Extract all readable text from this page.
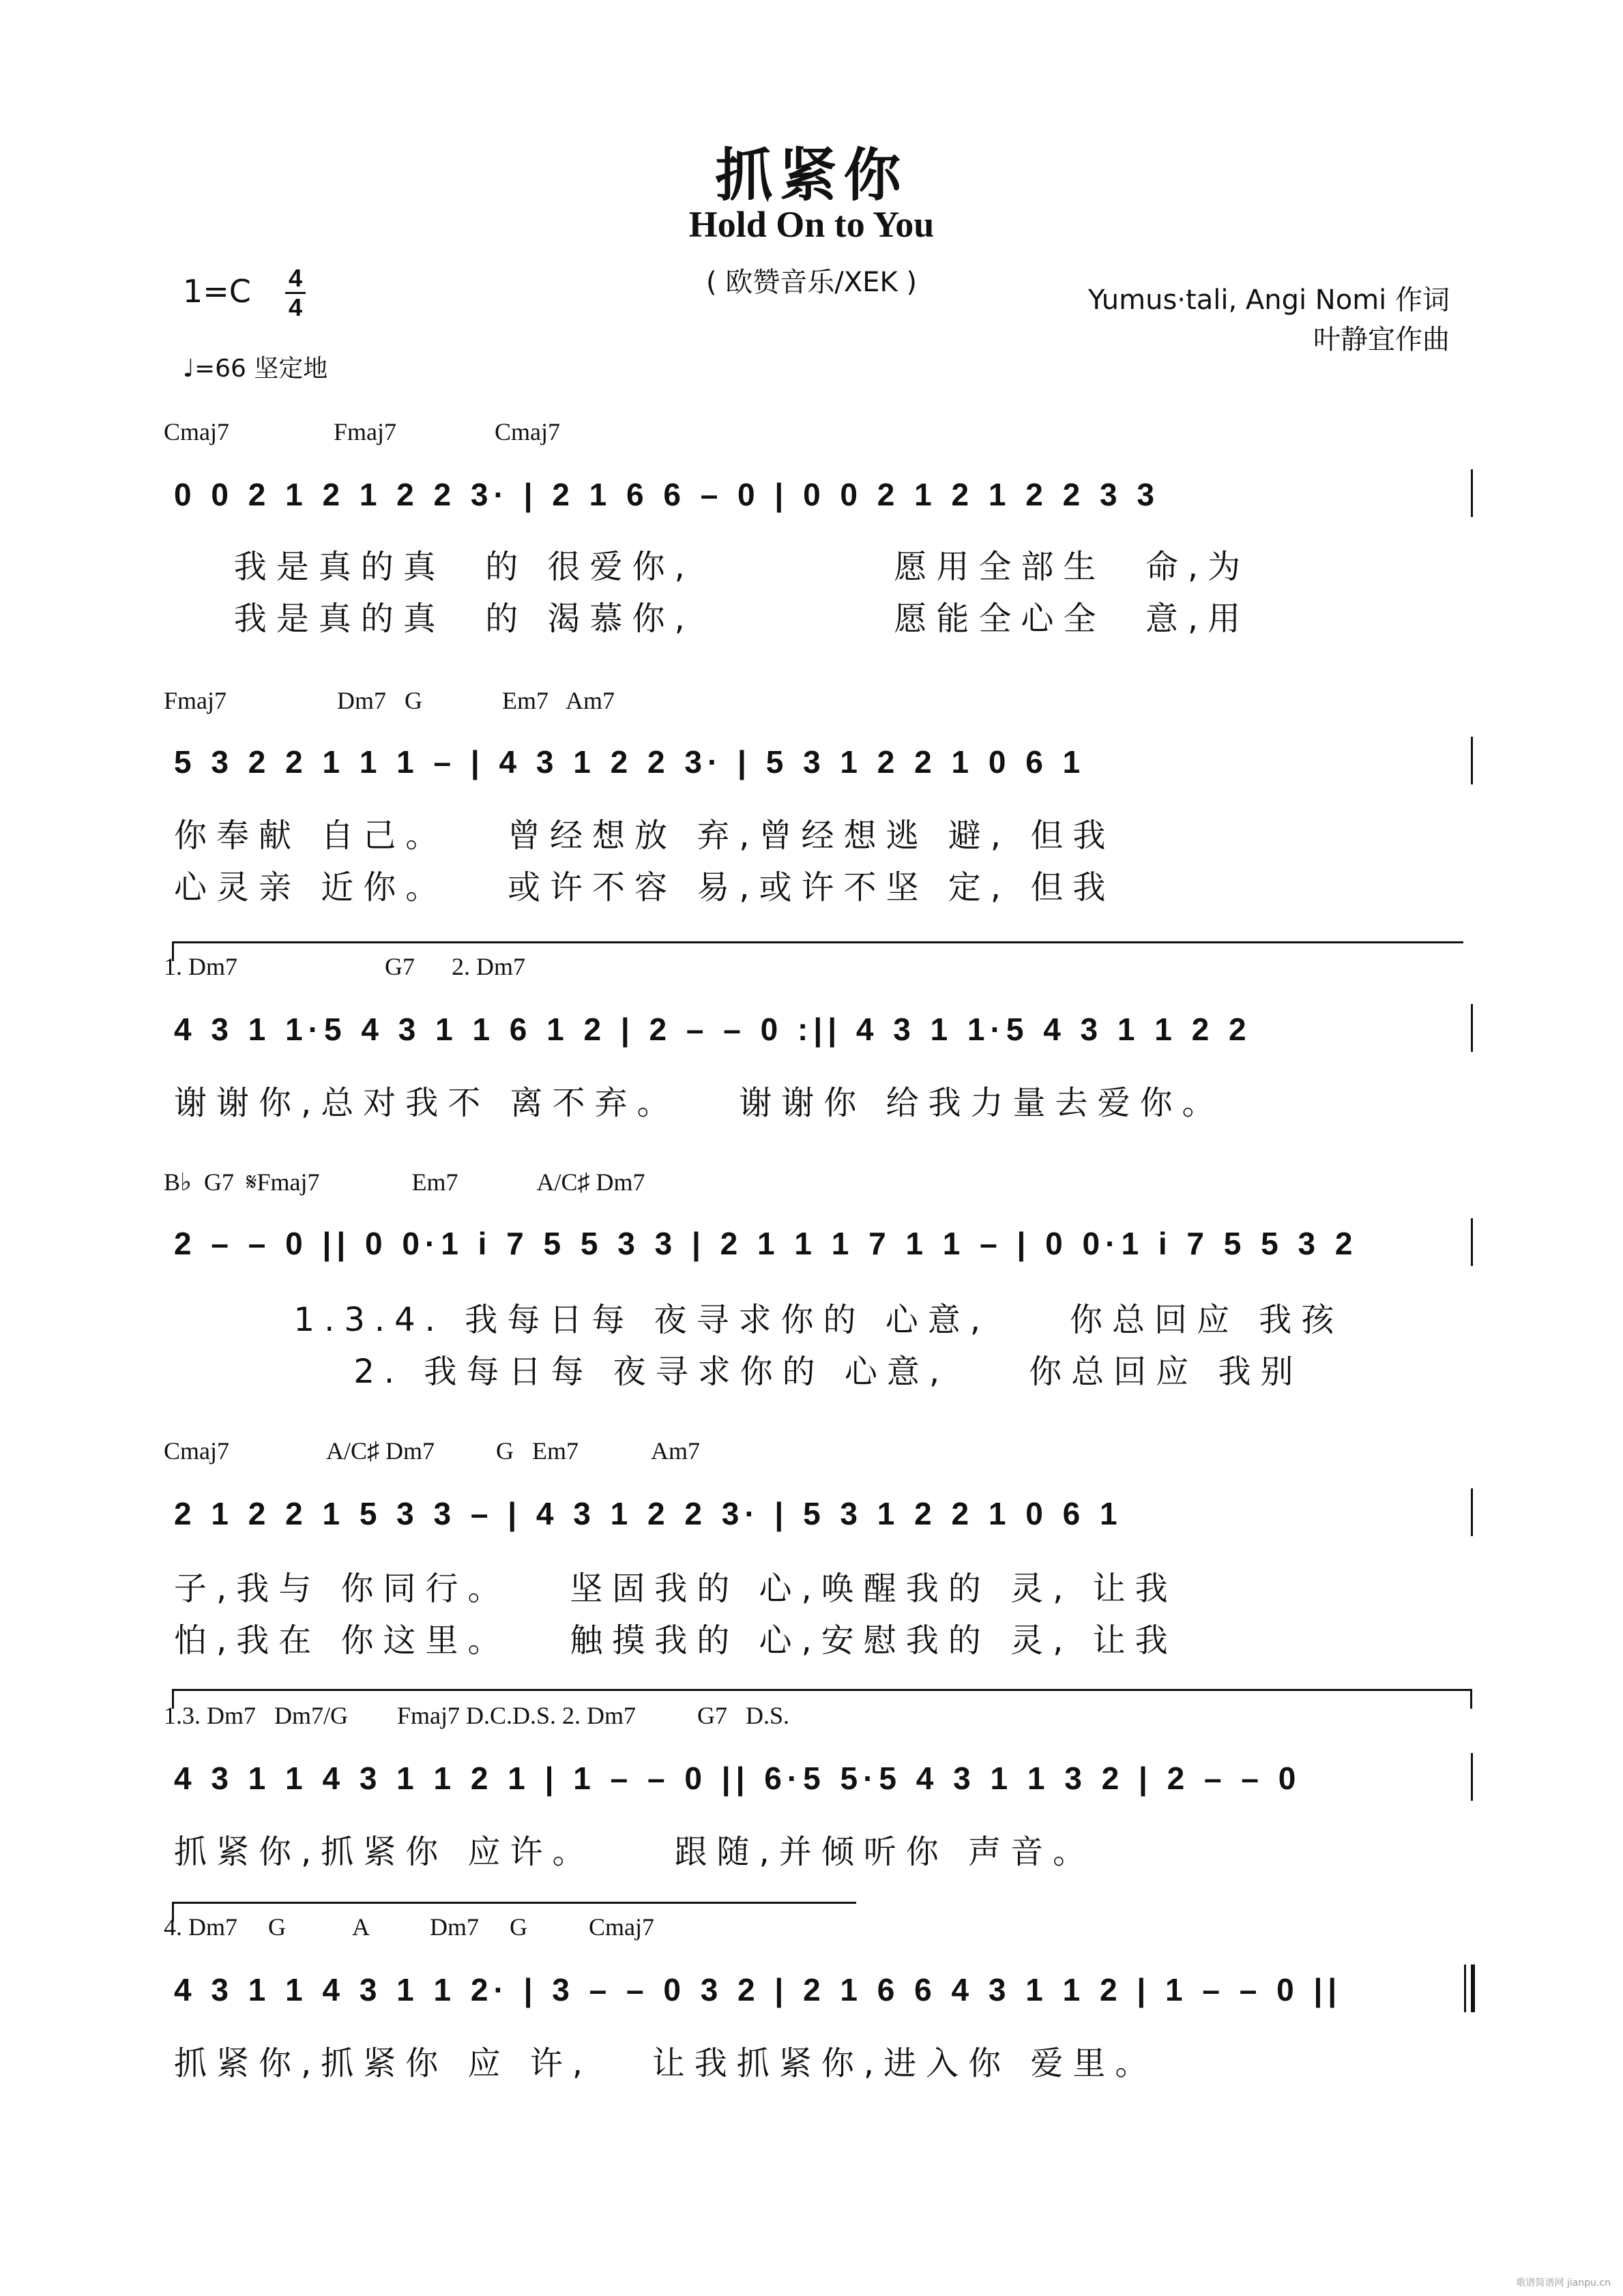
抓紧你
Hold On to You
( 欧赞音乐/XEK )
1=C 4
4
♩=66 坚定地
Yumus·tali, Angi Nomi 作词
叶静宜作曲
Cmaj7                 Fmaj7                Cmaj7
0 0 2 1 2 1 2 2 3· | 2 1 6 6 – 0 | 0 0 2 1 2 1 2 2 3 3
我是真的真  的 很爱你,          愿用全部生  命,为
我是真的真  的 渴慕你,          愿能全心全  意,用
Fmaj7                  Dm7   G             Em7   Am7
5 3 2 2 1 1 1 – | 4 3 1 2 2 3· | 5 3 1 2 2 1 0 6 1
你奉献 自己。   曾经想放 弃,曾经想逃 避, 但我
心灵亲 近你。   或许不容 易,或许不坚 定, 但我
1. Dm7                        G7      2. Dm7
4 3 1 1·5 4 3 1 1 6 1 2 | 2 – – 0 :|| 4 3 1 1·5 4 3 1 1 2 2
谢谢你,总对我不 离不弃。   谢谢你 给我力量去爱你。
B♭  G7  𝄋Fmaj7               Em7             A/C♯ Dm7
2 – – 0 || 0 0·1 i 7 5 5 3 3 | 2 1 1 1 7 1 1 – | 0 0·1 i 7 5 5 3 2
1.3.4. 我每日每 夜寻求你的 心意,    你总回应 我孩
2. 我每日每 夜寻求你的 心意,    你总回应 我别
Cmaj7                A/C♯ Dm7          G   Em7            Am7
2 1 2 2 1 5 3 3 – | 4 3 1 2 2 3· | 5 3 1 2 2 1 0 6 1
子,我与 你同行。   坚固我的 心,唤醒我的 灵, 让我
怕,我在 你这里。   触摸我的 心,安慰我的 灵, 让我
1.3. Dm7   Dm7/G        Fmaj7 D.C.D.S. 2. Dm7          G7   D.S.
4 3 1 1 4 3 1 1 2 1 | 1 – – 0 || 6·5 5·5 4 3 1 1 3 2 | 2 – – 0
抓紧你,抓紧你 应许。    跟随,并倾听你 声音。
4. Dm7     G           A          Dm7     G          Cmaj7
4 3 1 1 4 3 1 1 2· | 3 – – 0 3 2 | 2 1 6 6 4 3 1 1 2 | 1 – – 0 ||
抓紧你,抓紧你 应 许,   让我抓紧你,进入你 爱里。
歌谱简谱网 jianpu.cn
